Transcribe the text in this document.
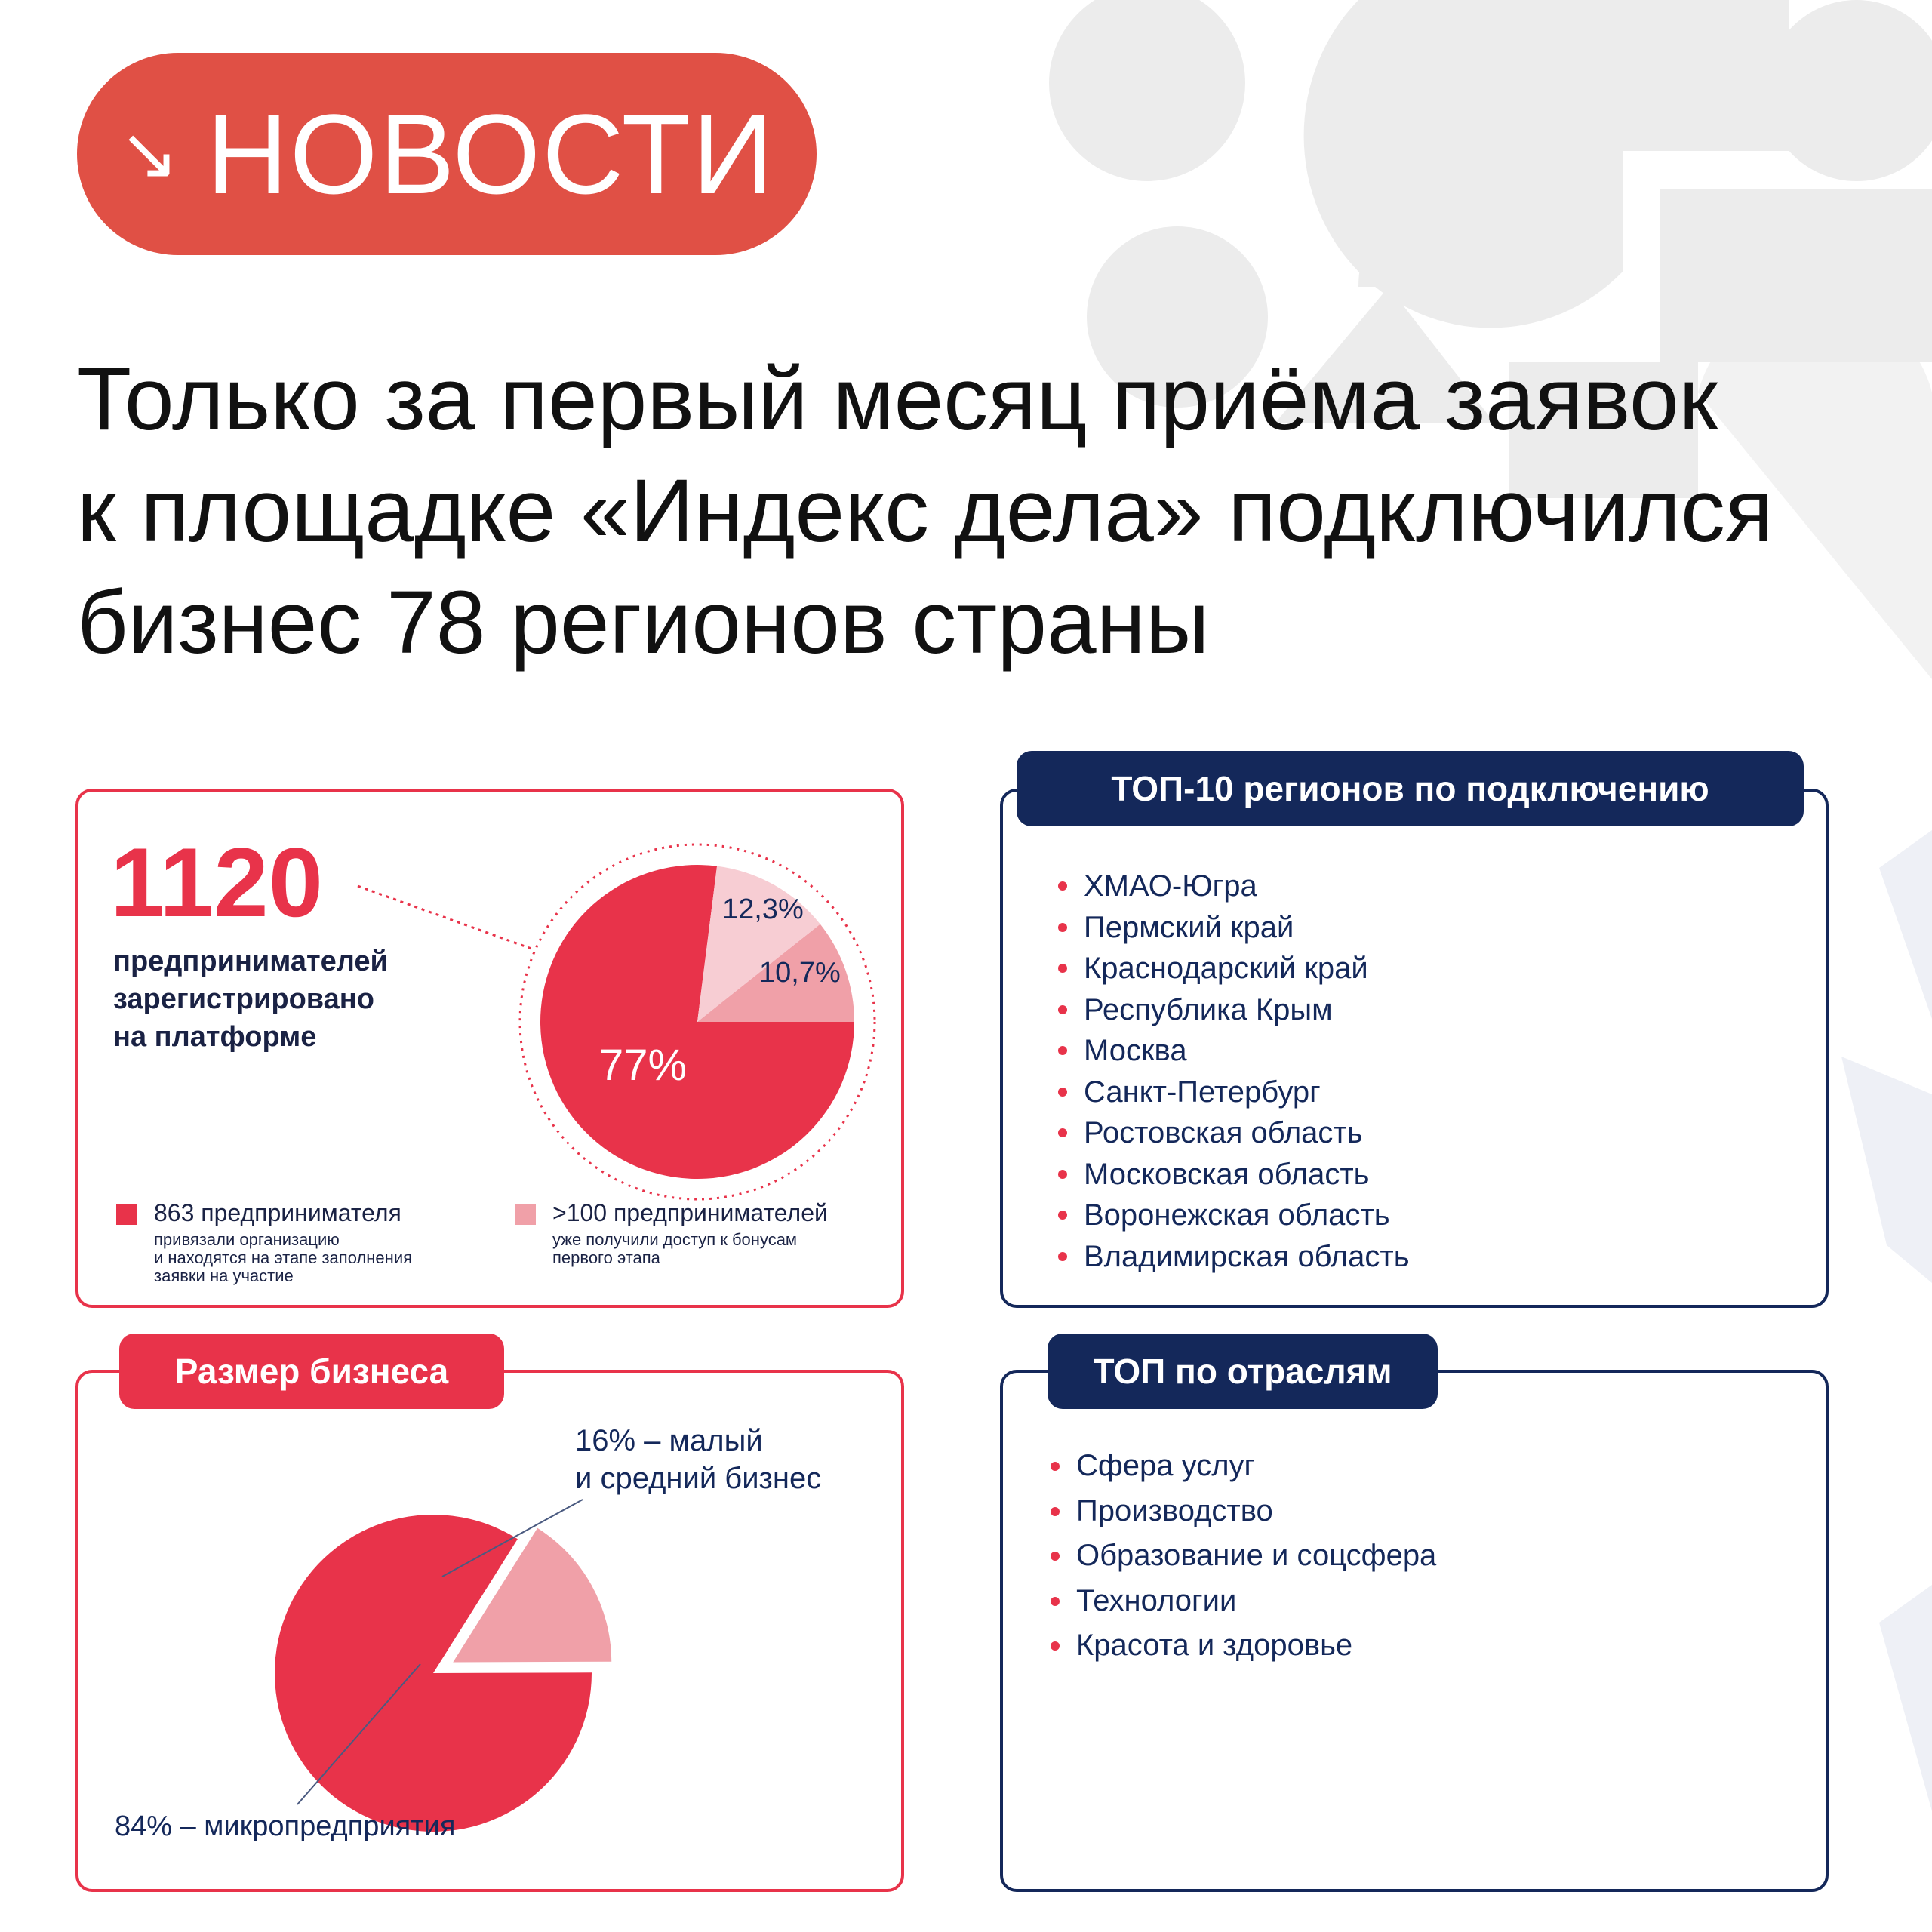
↘ НОВОСТИ
Только за первый месяц приёма заявок
к площадке «Индекс дела» подключился
бизнес 78 регионов страны
1120
предпринимателей
зарегистрировано
на платформе
77%
12,3%
10,7%
863 предпринимателя
привязали организацию
и находятся на этапе заполнения
заявки на участие
>100 предпринимателей
уже получили доступ к бонусам
первого этапа
ТОП-10 регионов по подключению
ХМАО-Югра
Пермский край
Краснодарский край
Республика Крым
Москва
Санкт-Петербург
Ростовская область
Московская область
Воронежская область
Владимирская область
16% – малый
и средний бизнес
84% – микропредприятия
Размер бизнеса	ТОП по отраслям
Сфера услуг
Производство
Образование и соцсфера
Технологии
Красота и здоровье
